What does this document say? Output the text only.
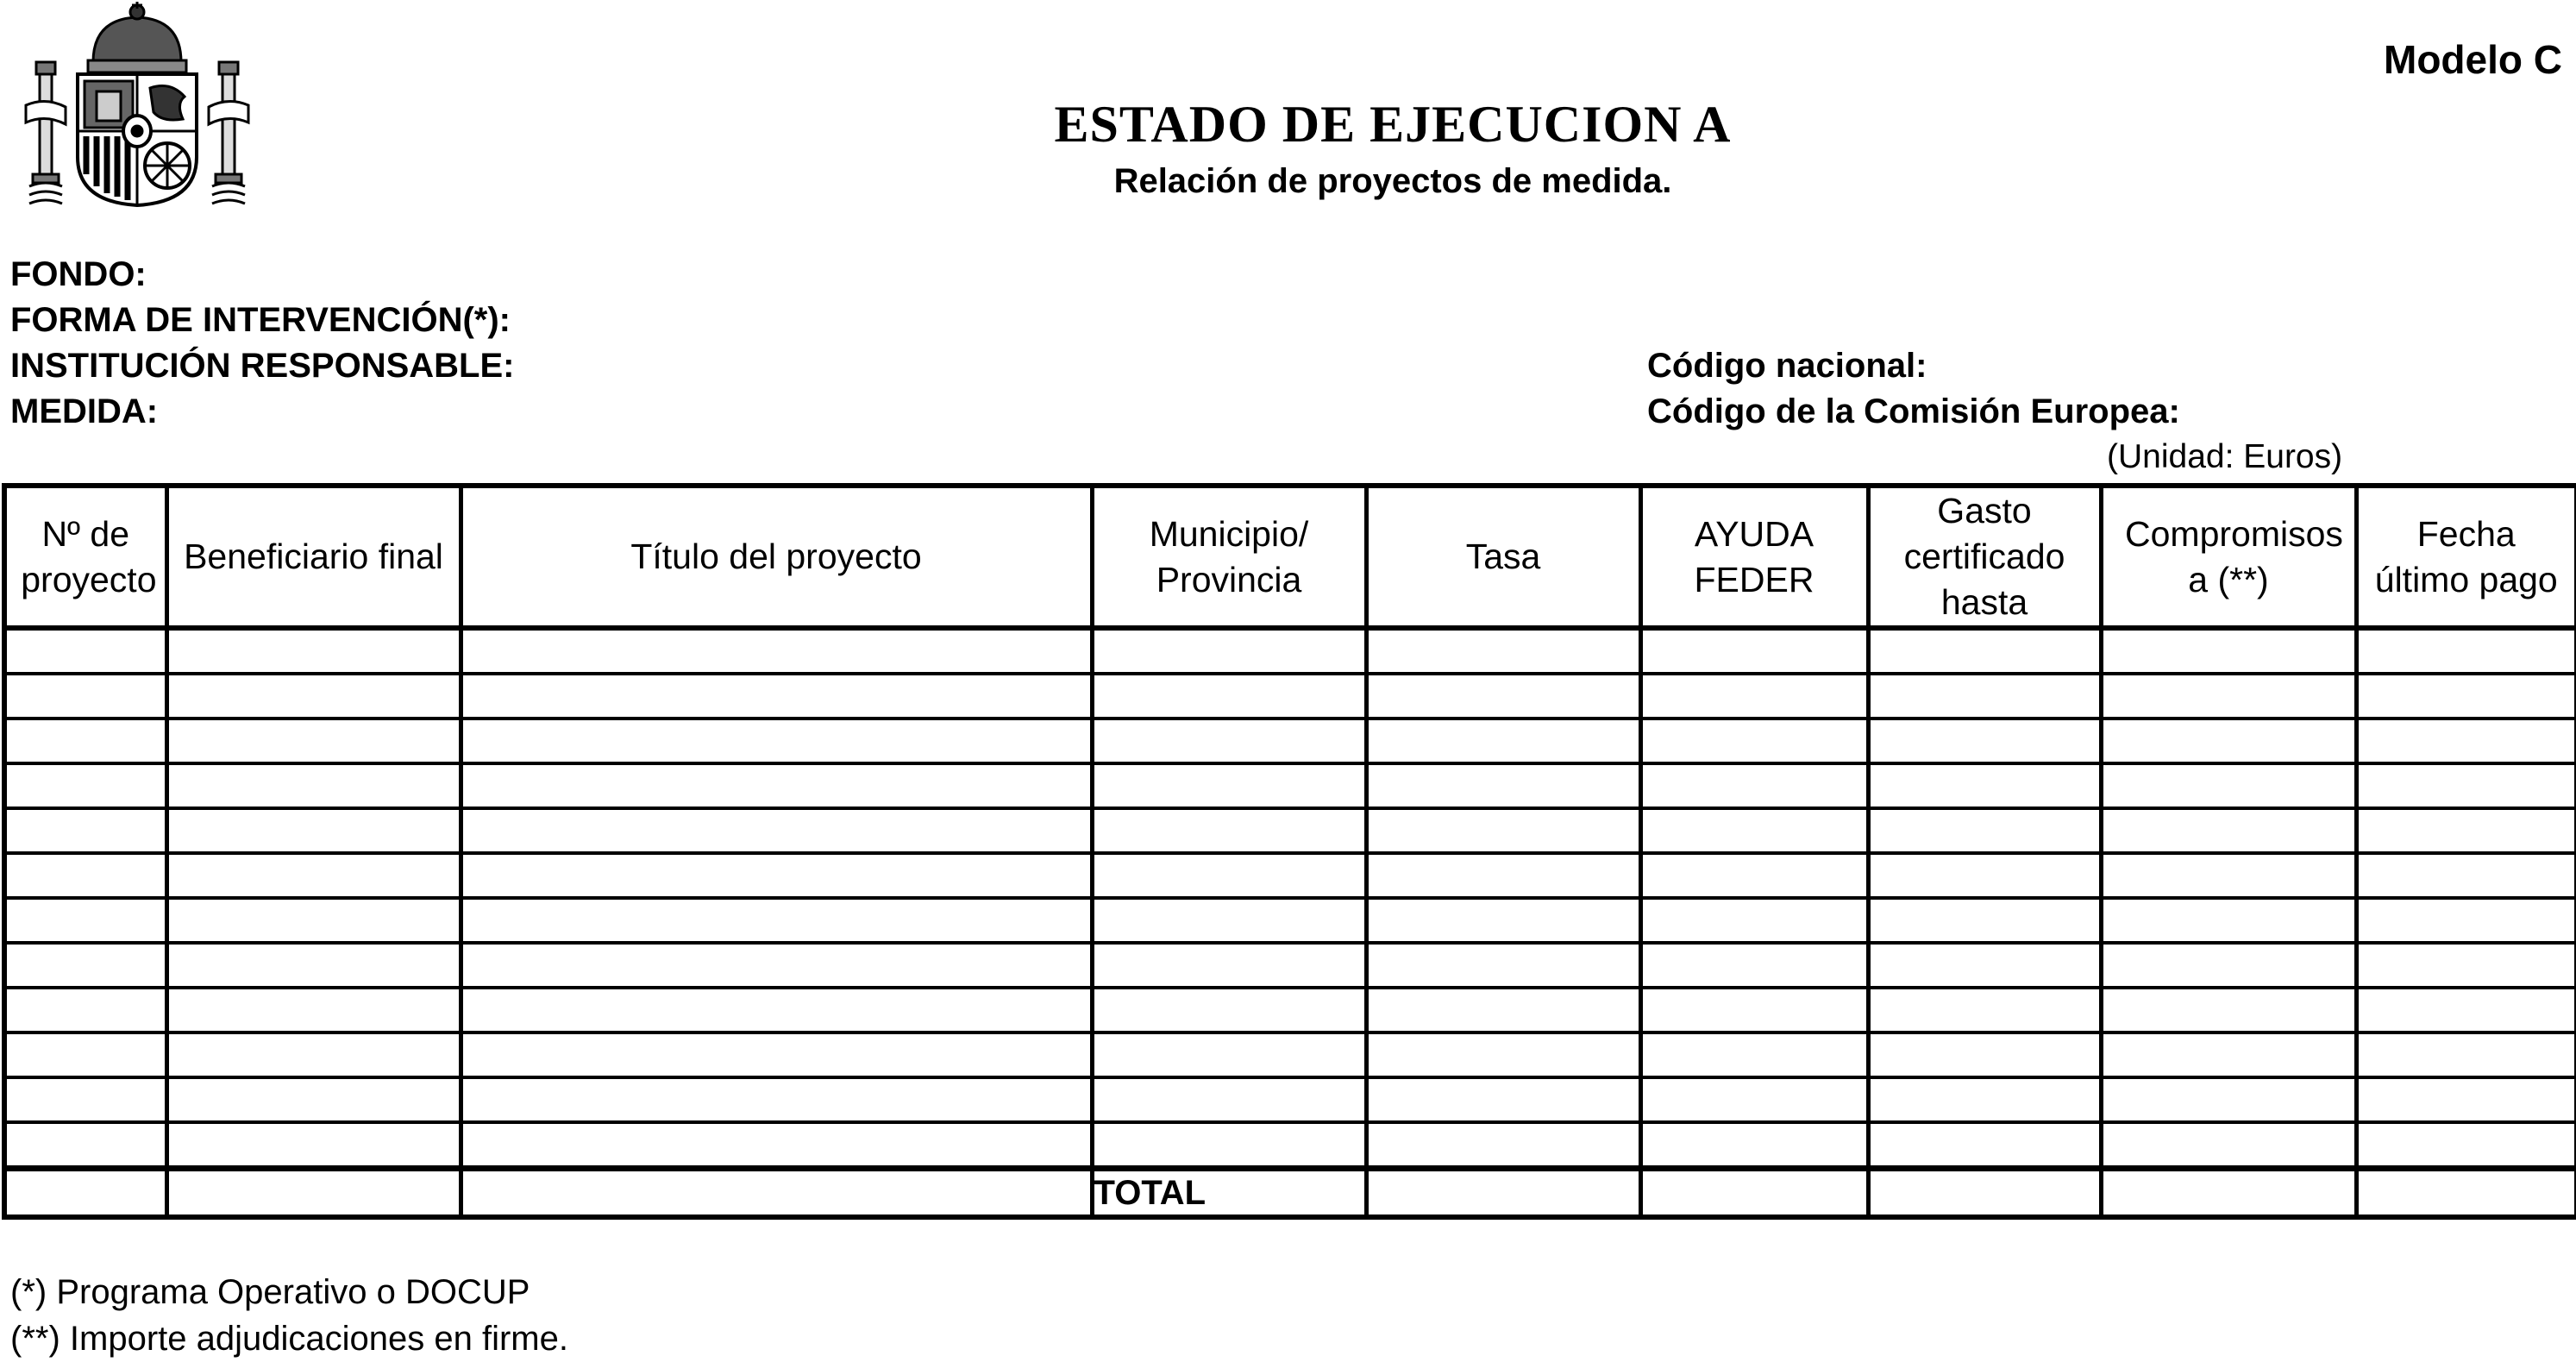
Modelo C
ESTADO DE EJECUCION A
Relación de proyectos de medida.
FONDO:
FORMA DE INTERVENCIÓN(*):
INSTITUCIÓN RESPONSABLE:
MEDIDA:
Código nacional:
Código de la Comisión Europea:
(Unidad: Euros)
Nº de proyecto	Beneficiario final	Título del proyecto	Municipio/ Provincia	Tasa	AYUDA FEDER	Gasto certificado hasta	Compromisos a (**)	Fecha último pago

			TOTAL					
(*) Programa Operativo o DOCUP
(**) Importe adjudicaciones en firme.
